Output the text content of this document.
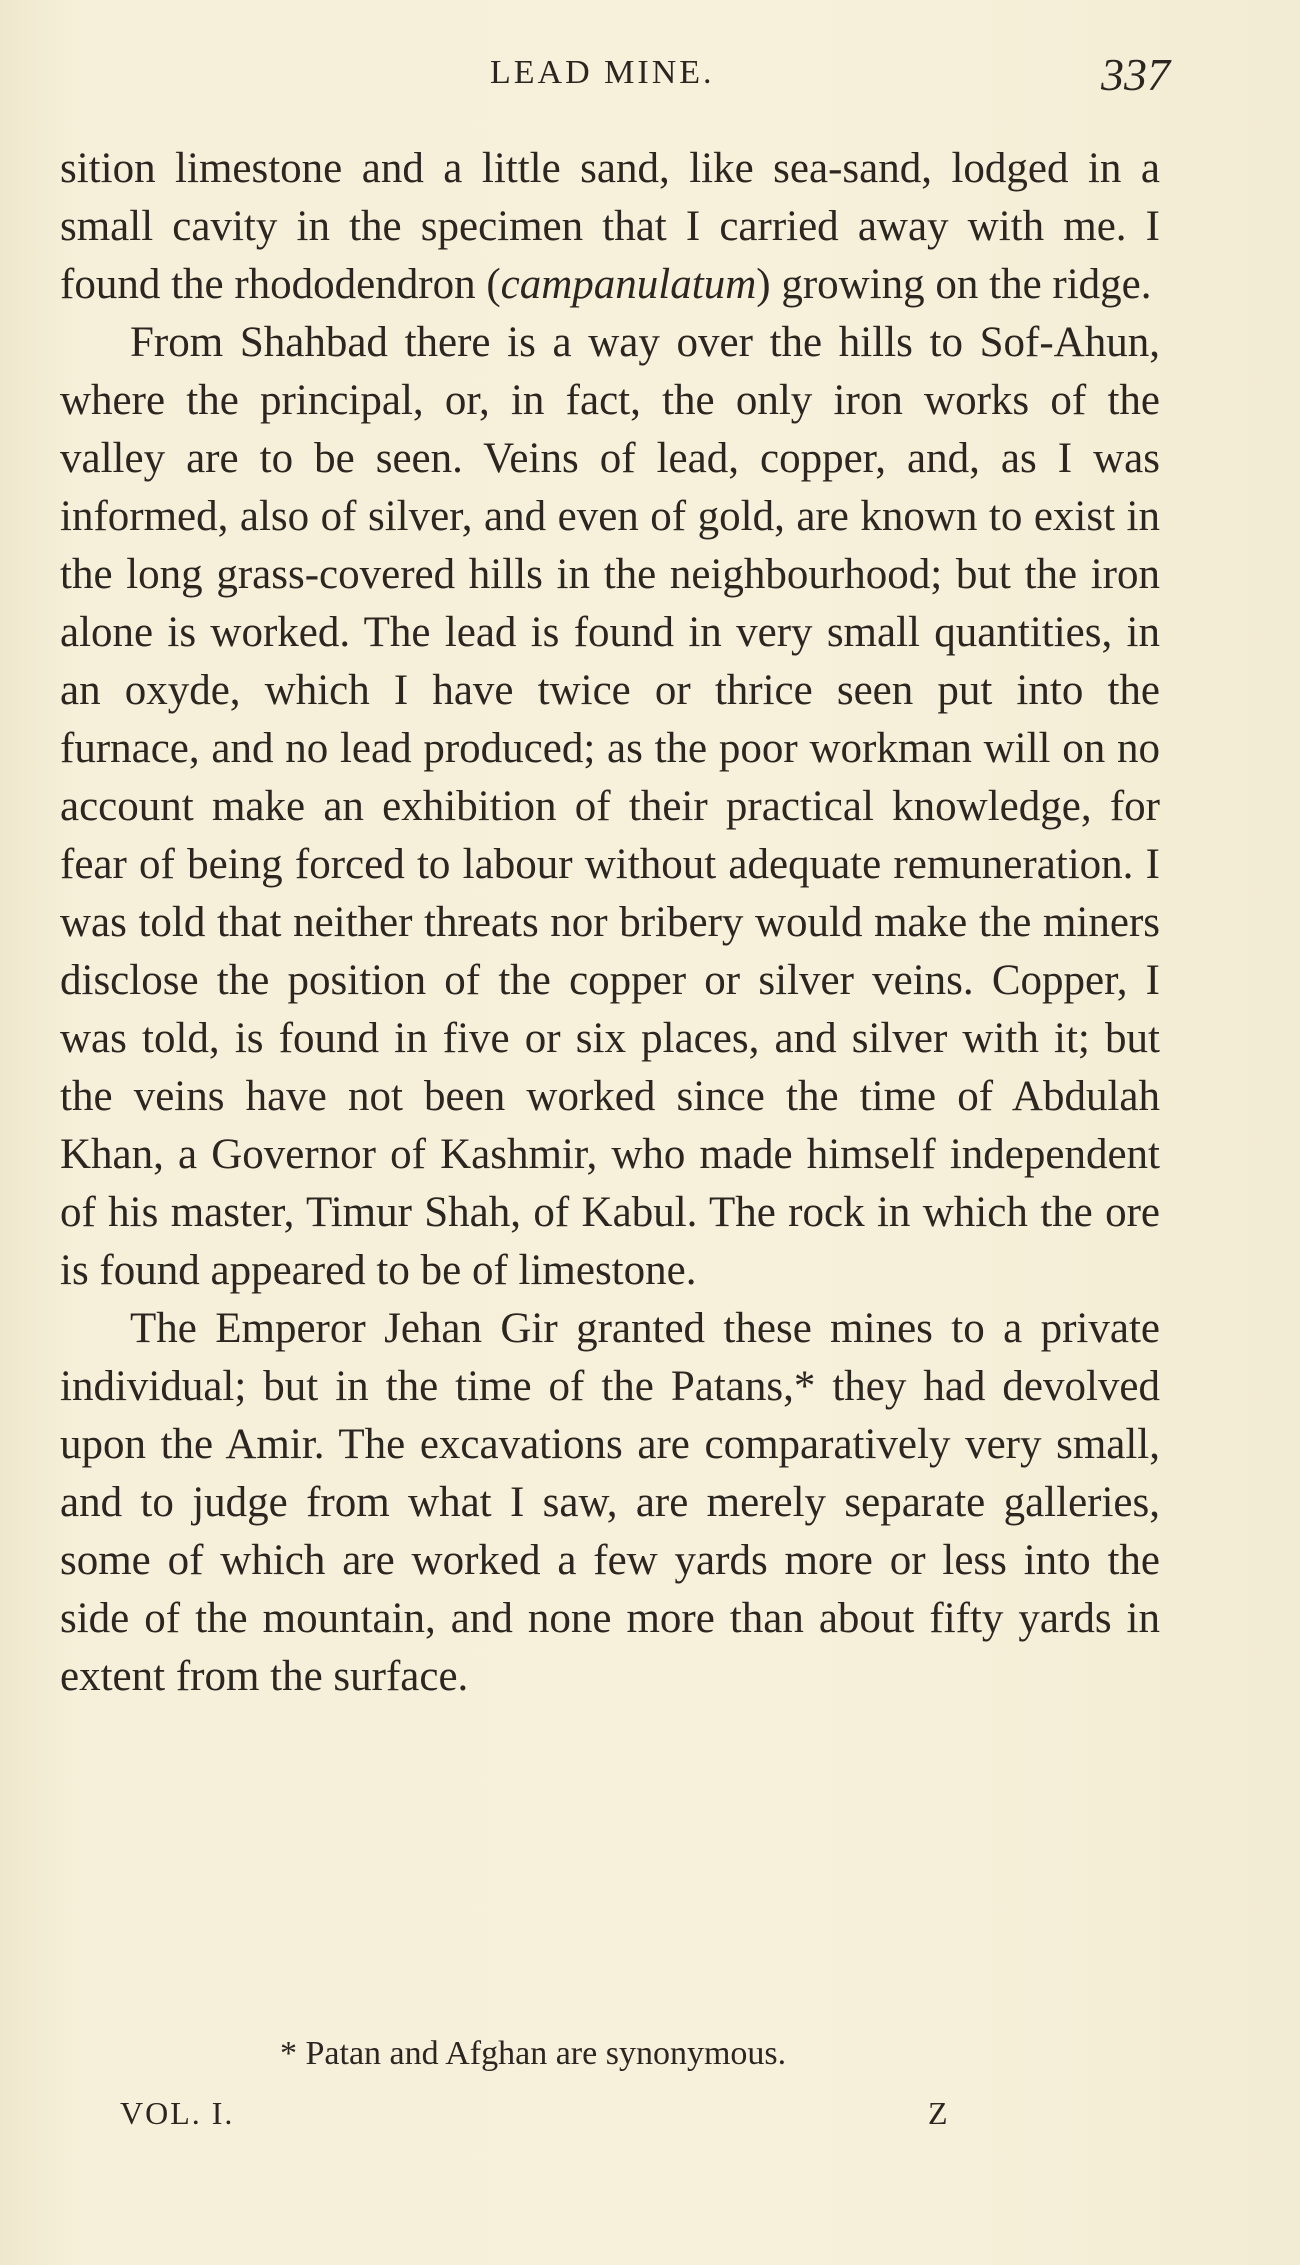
LEAD MINE.	337

sition limestone and a little sand, like sea-sand, lodged in a small cavity in the specimen that I carried away with me. I found the rhododendron (campanulatum) growing on the ridge.

From Shahbad there is a way over the hills to Sof-Ahun, where the principal, or, in fact, the only iron works of the valley are to be seen. Veins of lead, copper, and, as I was informed, also of silver, and even of gold, are known to exist in the long grass-covered hills in the neighbourhood; but the iron alone is worked. The lead is found in very small quantities, in an oxyde, which I have twice or thrice seen put into the furnace, and no lead produced; as the poor workman will on no account make an exhibition of their practical knowledge, for fear of being forced to labour without adequate remuneration. I was told that neither threats nor bribery would make the miners disclose the position of the copper or silver veins. Copper, I was told, is found in five or six places, and silver with it; but the veins have not been worked since the time of Abdulah Khan, a Governor of Kashmir, who made himself independent of his master, Timur Shah, of Kabul. The rock in which the ore is found appeared to be of limestone.

The Emperor Jehan Gir granted these mines to a private individual; but in the time of the Patans,* they had devolved upon the Amir. The excavations are comparatively very small, and to judge from what I saw, are merely separate galleries, some of which are worked a few yards more or less into the side of the mountain, and none more than about fifty yards in extent from the surface.

* Patan and Afghan are synonymous.
VOL. I.	Z
